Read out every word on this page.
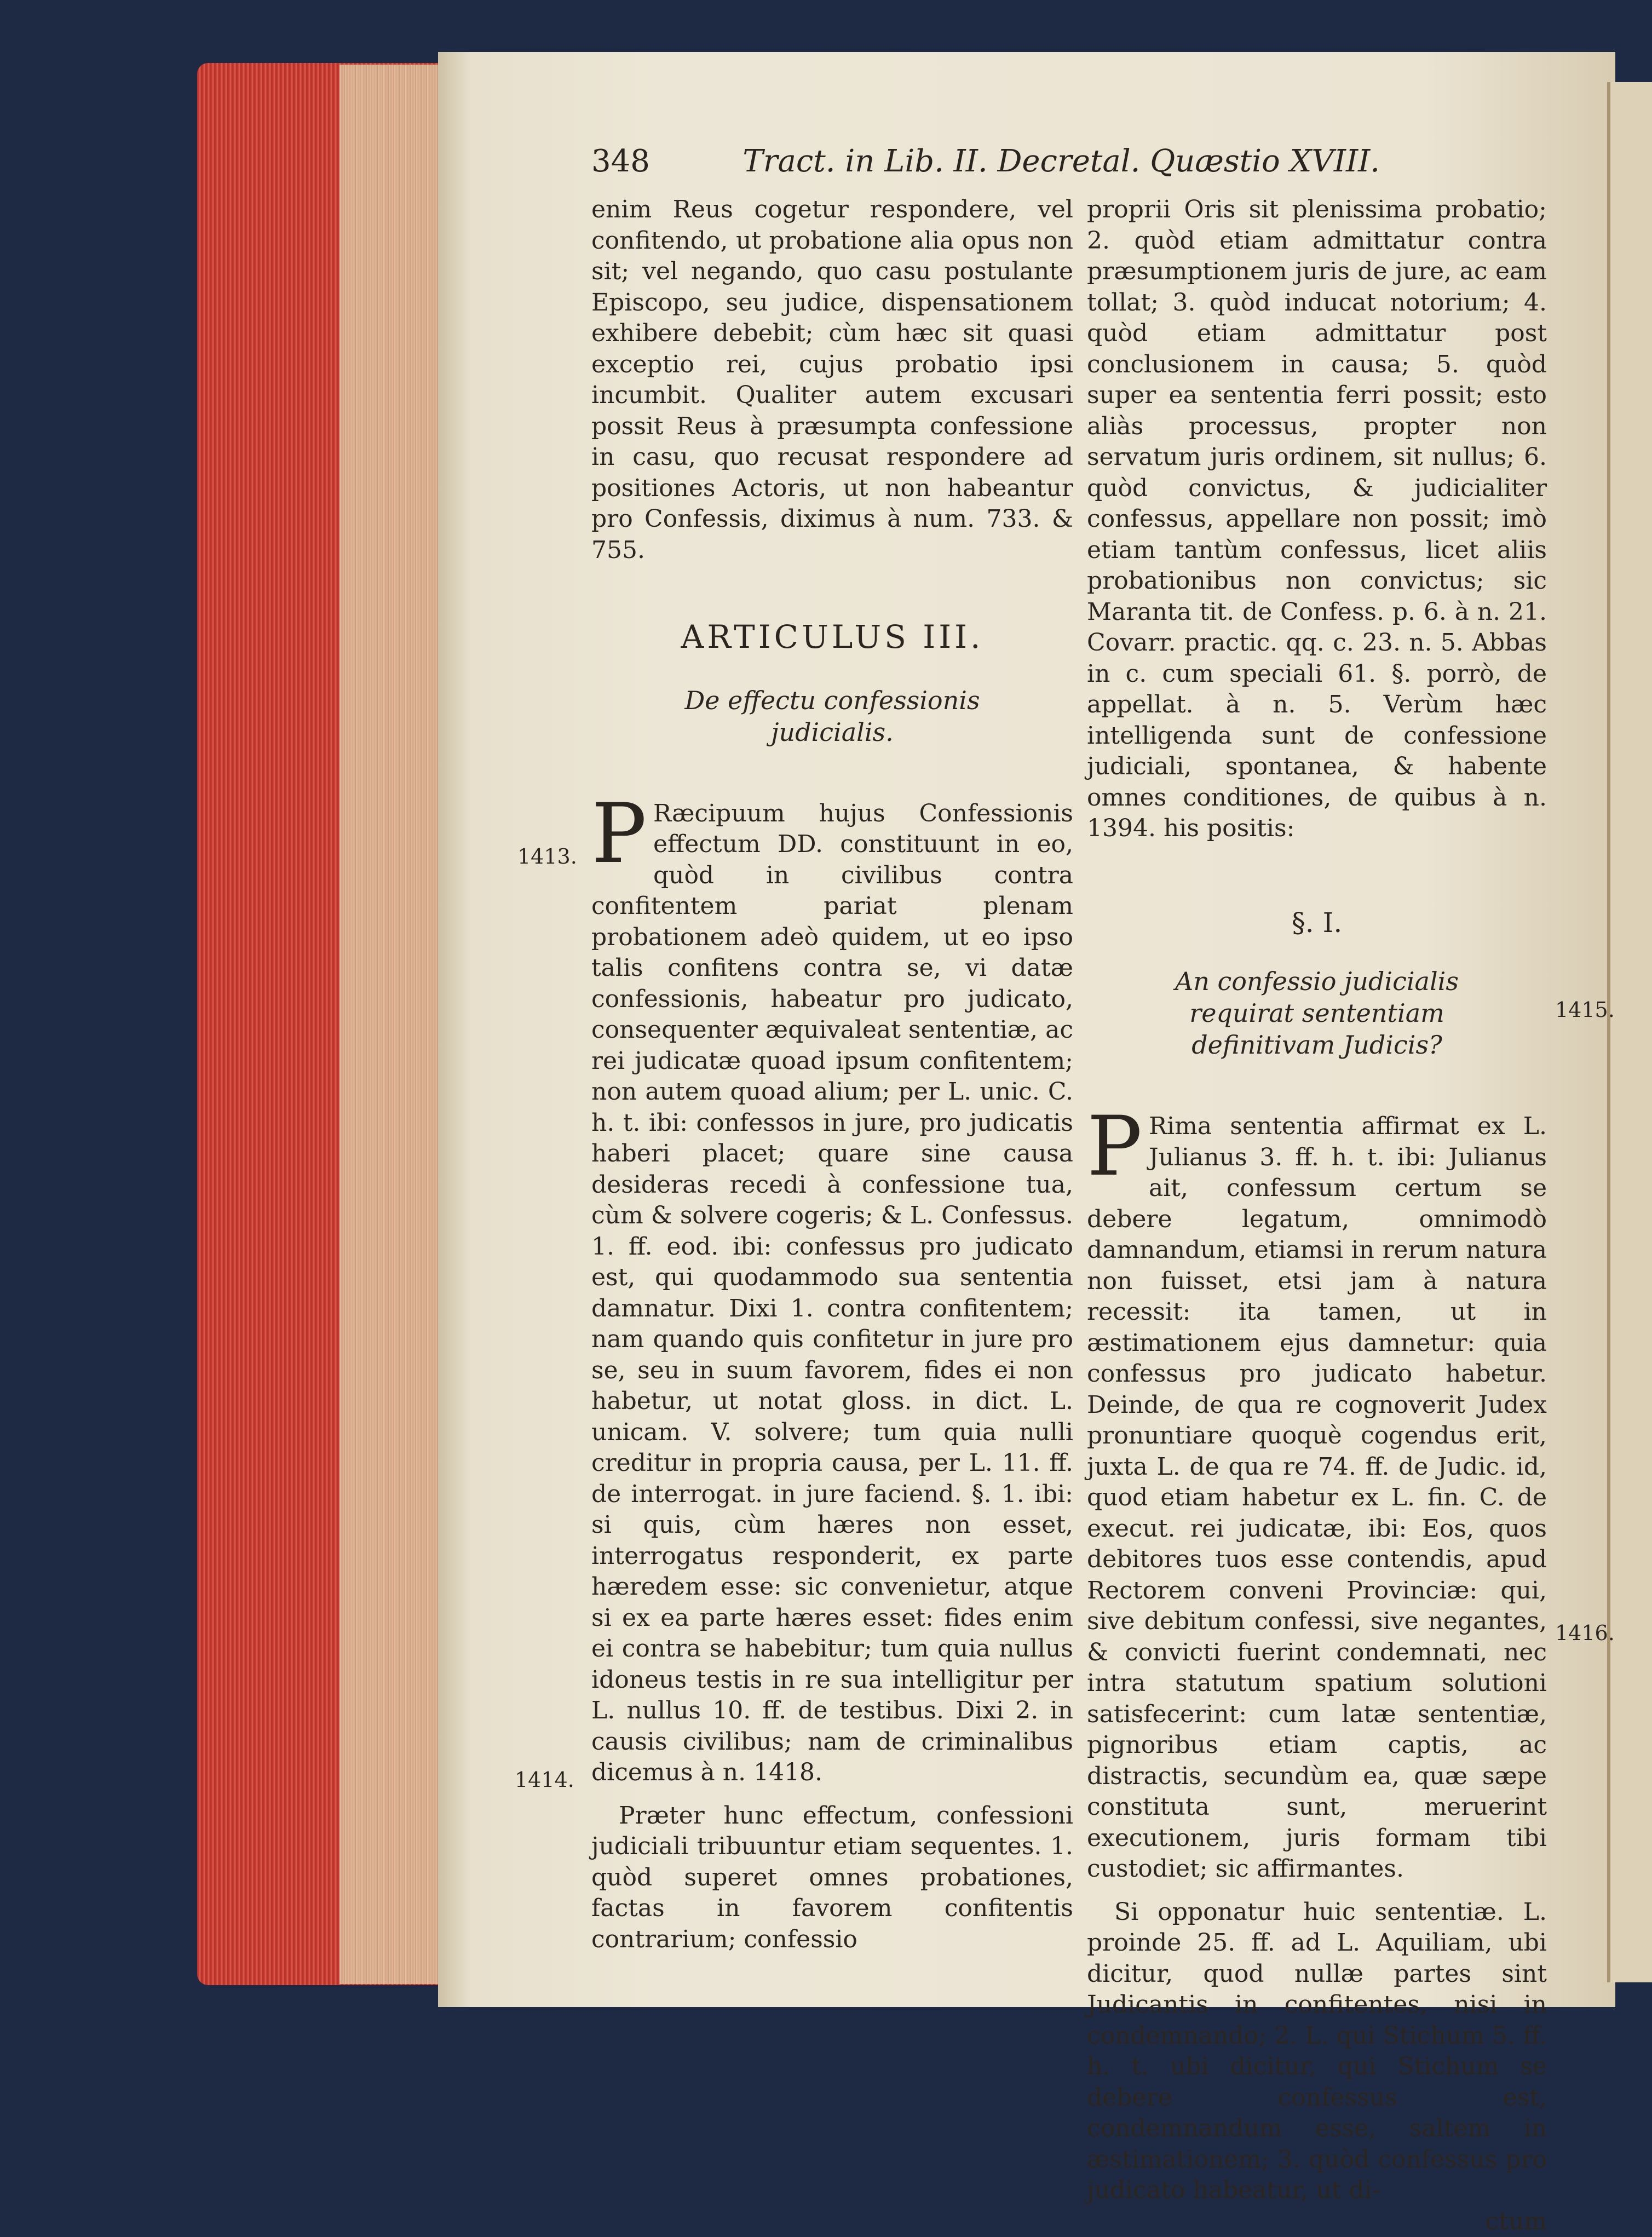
348	Tract. in Lib. II. Decretal. Quæstio XVIII.
1413.
1414.
1415.
1416.

enim Reus cogetur respondere, vel confitendo, ut probatione alia opus non sit; vel negando, quo casu postulante Episcopo, seu judice, dispensationem exhibere debebit; cùm hæc sit quasi exceptio rei, cujus probatio ipsi incumbit. Qualiter autem excusari possit Reus à præsumpta confessione in casu, quo recusat respondere ad positiones Actoris, ut non habeantur pro Confessis, diximus à num. 733. & 755.

ARTICULUS III.

De effectu confessionis judicialis.

P Ræcipuum hujus Confessionis effectum DD. constituunt in eo, quòd in civilibus contra confitentem pariat plenam probationem adeò quidem, ut eo ipso talis confitens contra se, vi datæ confessionis, habeatur pro judicato, consequenter æquivaleat sententiæ, ac rei judicatæ quoad ipsum confitentem; non autem quoad alium; per L. unic. C. h. t. ibi: confessos in jure, pro judicatis haberi placet; quare sine causa desideras recedi à confessione tua, cùm & solvere cogeris; & L. Confessus. 1. ff. eod. ibi: confessus pro judicato est, qui quodammodo sua sententia damnatur. Dixi 1. contra confitentem; nam quando quis confitetur in jure pro se, seu in suum favorem, fides ei non habetur, ut notat gloss. in dict. L. unicam. V. solvere; tum quia nulli creditur in propria causa, per L. 11. ff. de interrogat. in jure faciend. §. 1. ibi: si quis, cùm hæres non esset, interrogatus responderit, ex parte hæredem esse: sic convenietur, atque si ex ea parte hæres esset: fides enim ei contra se habebitur; tum quia nullus idoneus testis in re sua intelligitur per L. nullus 10. ff. de testibus. Dixi 2. in causis civilibus; nam de criminalibus dicemus à n. 1418.

Præter hunc effectum, confessioni judiciali tribuuntur etiam sequentes. 1. quòd superet omnes probationes, factas in favorem confitentis contrarium; confessio

proprii Oris sit plenissima probatio; 2. quòd etiam admittatur contra præsumptionem juris de jure, ac eam tollat; 3. quòd inducat notorium; 4. quòd etiam admittatur post conclusionem in causa; 5. quòd super ea sententia ferri possit; esto aliàs processus, propter non servatum juris ordinem, sit nullus; 6. quòd convictus, & judicialiter confessus, appellare non possit; imò etiam tantùm confessus, licet aliis probationibus non convictus; sic Maranta tit. de Confess. p. 6. à n. 21. Covarr. practic. qq. c. 23. n. 5. Abbas in c. cum speciali 61. §. porrò, de appellat. à n. 5. Verùm hæc intelligenda sunt de confessione judiciali, spontanea, & habente omnes conditiones, de quibus à n. 1394. his positis:

§. I.

An confessio judicialis requirat sententiam definitivam Judicis?

P Rima sententia affirmat ex L. Julianus 3. ff. h. t. ibi: Julianus ait, confessum certum se debere legatum, omnimodò damnandum, etiamsi in rerum natura non fuisset, etsi jam à natura recessit: ita tamen, ut in æstimationem ejus damnetur: quia confessus pro judicato habetur. Deinde, de qua re cognoverit Judex pronuntiare quoquè cogendus erit, juxta L. de qua re 74. ff. de Judic. id, quod etiam habetur ex L. fin. C. de execut. rei judicatæ, ibi: Eos, quos debitores tuos esse contendis, apud Rectorem conveni Provinciæ: qui, sive debitum confessi, sive negantes, & convicti fuerint condemnati, nec intra statutum spatium solutioni satisfecerint: cum latæ sententiæ, pignoribus etiam captis, ac distractis, secundùm ea, quæ sæpe constituta sunt, meruerint executionem, juris formam tibi custodiet; sic affirmantes.

Si opponatur huic sententiæ. L. proinde 25. ff. ad L. Aquiliam, ubi dicitur, quod nullæ partes sint Judicantis in confitentes, nisi in condemnando; 2. L. qui Stichum 5. ff. h. t. ubi dicitur, qui Stichum se debere confessus est, condemnandum esse, saltem in æstimationem; 3. quòd confessus pro judicato habeatur, ut di-

ctum
